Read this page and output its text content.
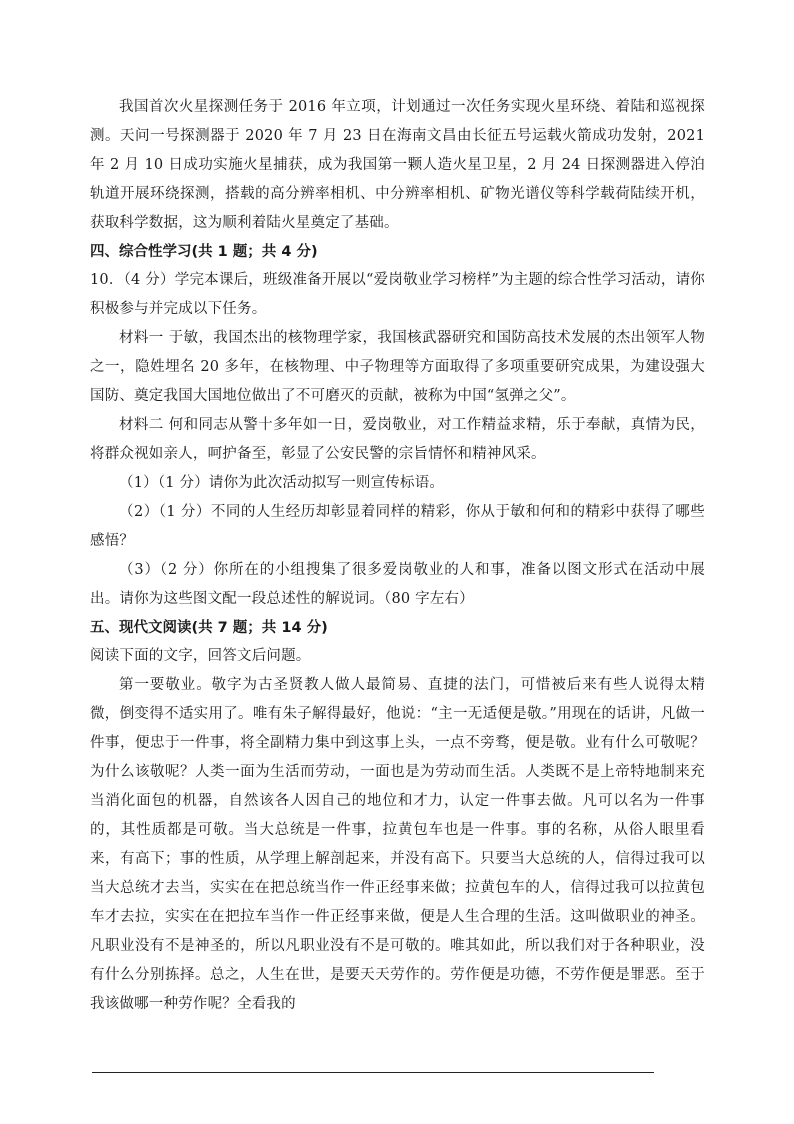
我国首次火星探测任务于 2016 年立项，计划通过一次任务实现火星环绕、着陆和巡视探测。天问一号探测器于 2020 年 7 月 23 日在海南文昌由长征五号运载火箭成功发射，2021 年 2 月 10 日成功实施火星捕获，成为我国第一颗人造火星卫星，2 月 24 日探测器进入停泊轨道开展环绕探测，搭载的高分辨率相机、中分辨率相机、矿物光谱仪等科学载荷陆续开机，获取科学数据，这为顺利着陆火星奠定了基础。

四、综合性学习(共 1 题；共 4 分)

10．（4 分）学完本课后，班级准备开展以“爱岗敬业学习榜样”为主题的综合性学习活动，请你积极参与并完成以下任务。

材料一 于敏，我国杰出的核物理学家，我国核武器研究和国防高技术发展的杰出领军人物之一，隐姓埋名 20 多年，在核物理、中子物理等方面取得了多项重要研究成果，为建设强大国防、奠定我国大国地位做出了不可磨灭的贡献，被称为中国“氢弹之父”。

材料二 何和同志从警十多年如一日，爱岗敬业，对工作精益求精，乐于奉献，真情为民，将群众视如亲人，呵护备至，彰显了公安民警的宗旨情怀和精神风采。

（1）（1 分）请你为此次活动拟写一则宣传标语。

（2）（1 分）不同的人生经历却彰显着同样的精彩，你从于敏和何和的精彩中获得了哪些感悟？

（3）（2 分）你所在的小组搜集了很多爱岗敬业的人和事，准备以图文形式在活动中展出。请你为这些图文配一段总述性的解说词。（80 字左右）

五、现代文阅读(共 7 题；共 14 分)

阅读下面的文字，回答文后问题。

第一要敬业。敬字为古圣贤教人做人最简易、直捷的法门，可惜被后来有些人说得太精微，倒变得不适实用了。唯有朱子解得最好，他说：“主一无适便是敬。”用现在的话讲，凡做一件事，便忠于一件事，将全副精力集中到这事上头，一点不旁骛，便是敬。业有什么可敬呢？为什么该敬呢？人类一面为生活而劳动，一面也是为劳动而生活。人类既不是上帝特地制来充当消化面包的机器，自然该各人因自己的地位和才力，认定一件事去做。凡可以名为一件事的，其性质都是可敬。当大总统是一件事，拉黄包车也是一件事。事的名称，从俗人眼里看来，有高下；事的性质，从学理上解剖起来，并没有高下。只要当大总统的人，信得过我可以当大总统才去当，实实在在把总统当作一件正经事来做；拉黄包车的人，信得过我可以拉黄包车才去拉，实实在在把拉车当作一件正经事来做，便是人生合理的生活。这叫做职业的神圣。凡职业没有不是神圣的，所以凡职业没有不是可敬的。唯其如此，所以我们对于各种职业，没有什么分别拣择。总之，人生在世，是要天天劳作的。劳作便是功德，不劳作便是罪恶。至于我该做哪一种劳作呢？全看我的
